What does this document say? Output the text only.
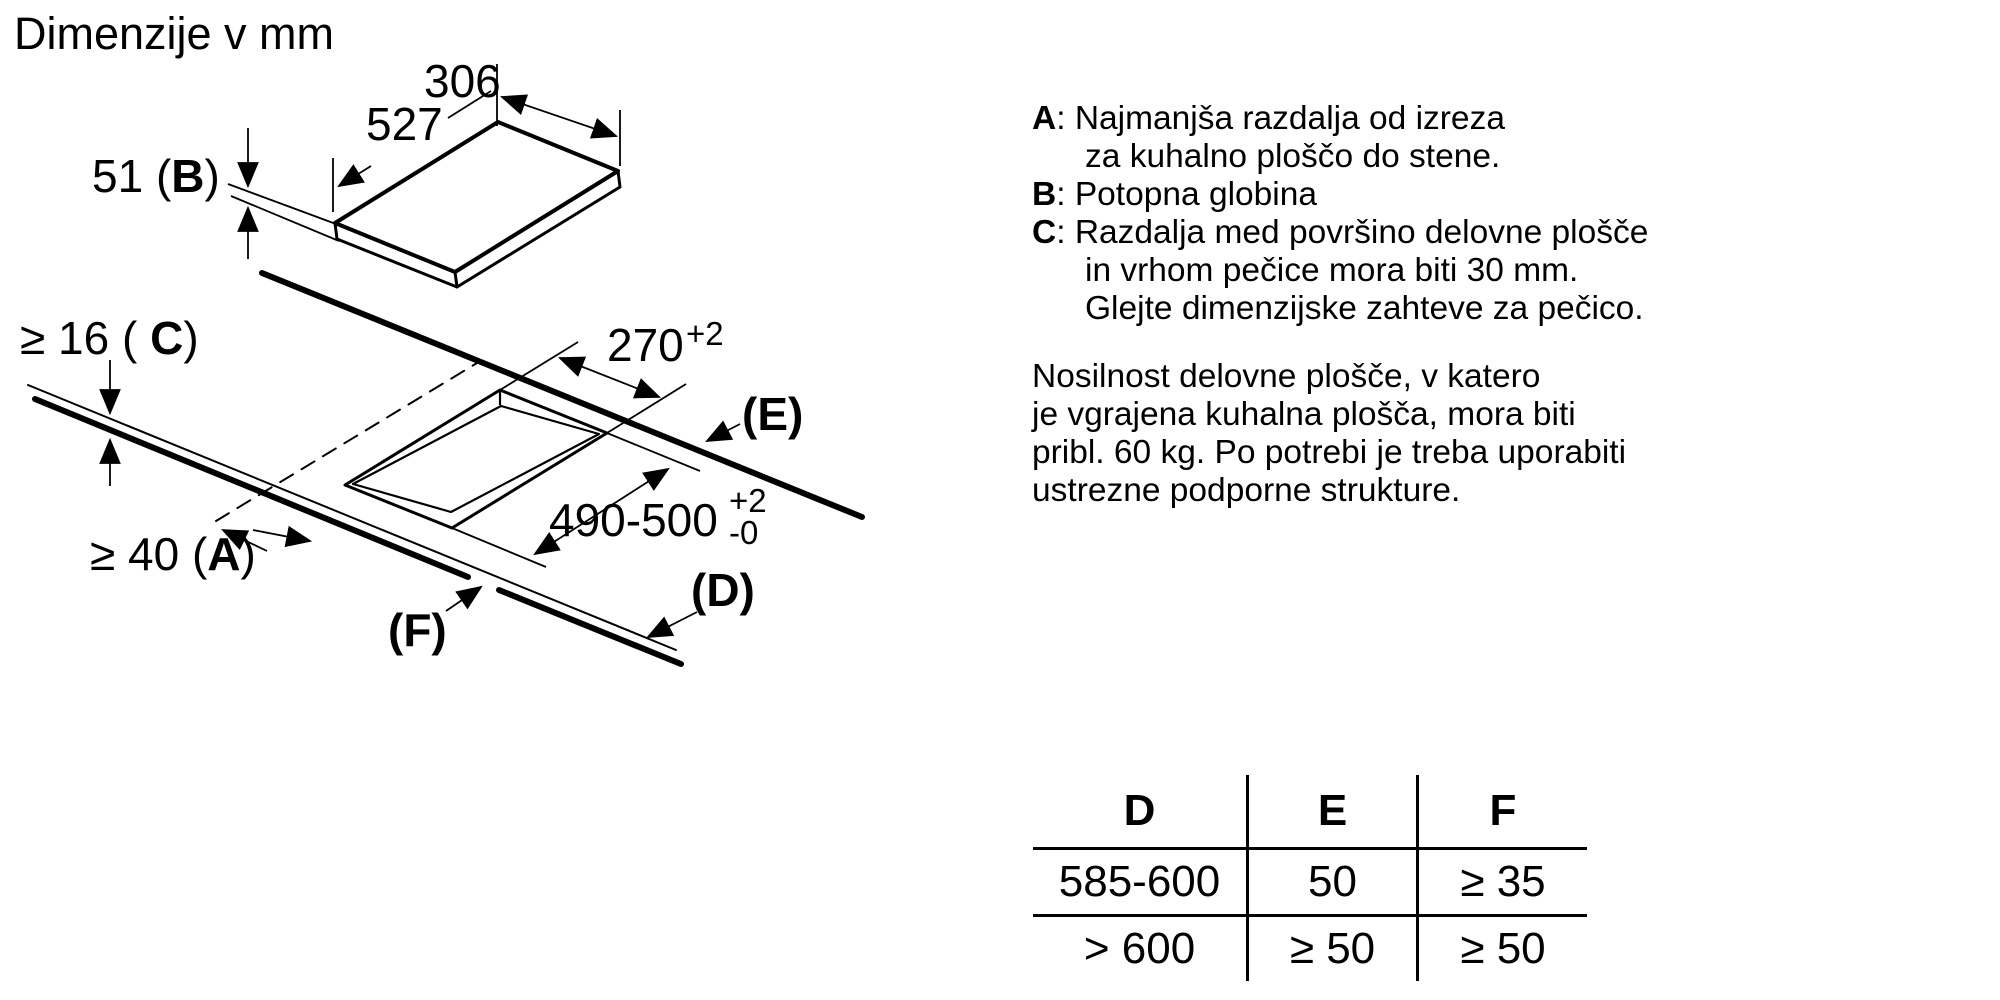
Dimenzije v mm
51 (B)
527
306
≥ 16 ( C)
≥ 40 (A)
270 +2
490-500 +2
-0
(E)
(D)
(F)
A: Najmanjša razdalja od izreza
za kuhalno ploščo do stene.
B: Potopna globina
C: Razdalja med površino delovne plošče
in vrhom pečice mora biti 30 mm.
Glejte dimenzijske zahteve za pečico.
Nosilnost delovne plošče, v katero
je vgrajena kuhalna plošča, mora biti
pribl. 60 kg. Po potrebi je treba uporabiti
ustrezne podporne strukture.
D	E	F
585-600	50	≥ 35
> 600	≥ 50	≥ 50
